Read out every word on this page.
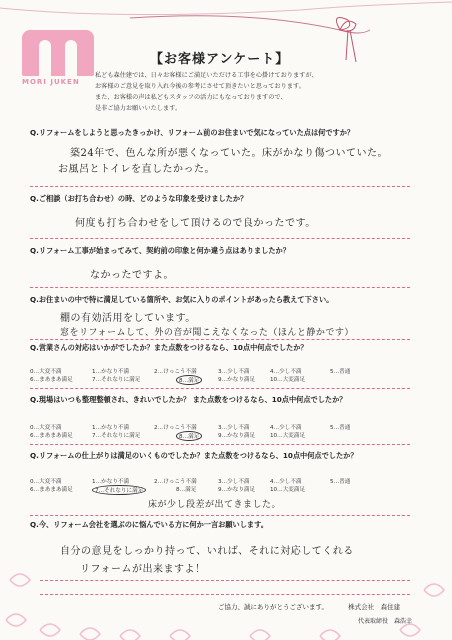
MORI JUKEN
【お客様アンケート】
私ども森住建では、日々お客様にご満足いただける工事を心掛けておりますが、
お客様のご意見を取り入れ今後の参考にさせて頂きたいと思っております。
また、お客様の声は私どもスタッフの活力にもなっておりますので、
是非ご協力お願いいたします。
Q.リフォームをしようと思ったきっかけ、リフォーム前のお住まいで気になっていた点は何ですか？
築24年で、色んな所が悪くなっていた。床がかなり傷ついていた。
お風呂とトイレを直したかった。
Q.ご相談（お打ち合わせ）の時、どのような印象を受けましたか？
何度も打ち合わせをして頂けるので良かったです。
Q.リフォーム工事が始まってみて、契約前の印象と何か違う点はありましたか？
なかったですよ。
Q.お住まいの中で特に満足している箇所や、お気に入りのポイントがあったら教えて下さい。
棚の有効活用をしています。
窓をリフォームして、外の音が聞こえなくなった（ほんと静かです）
Q.営業さんの対応はいかがでしたか？また点数をつけるなら、10点中何点でしたか？
0…大変不満	1…かなり不満	2…けっこう不満	3…少し不満	4…少し不満	5…普通
6…まあまあ満足	7…それなりに満足	8…満足	9…かなり満足	10…大変満足
Q.現場はいつも整理整頓され、きれいでしたか？ また点数をつけるなら、10点中何点でしたか？
0…大変不満	1…かなり不満	2…けっこう不満	3…少し不満	4…少し不満	5…普通
6…まあまあ満足	7…それなりに満足	8…満足	9…かなり満足	10…大変満足
Q.リフォームの仕上がりは満足のいくものでしたか？また点数をつけるなら、10点中何点でしたか？
0…大変不満	1…かなり不満	2…けっこう不満	3…少し不満	4…少し不満	5…普通
6…まあまあ満足	7…それなりに満足	8…満足	9…かなり満足	10…大変満足
床が少し段差が出てきました。
Q.今、リフォーム会社を選ぶのに悩んでいる方に何か一言お願いします。
自分の意見をしっかり持って、いれば、それに対応してくれる
リフォームが出来ますよ！
ご協力、誠にありがとうございます。	株式会社　森住建
代表取締役　森浩幸
